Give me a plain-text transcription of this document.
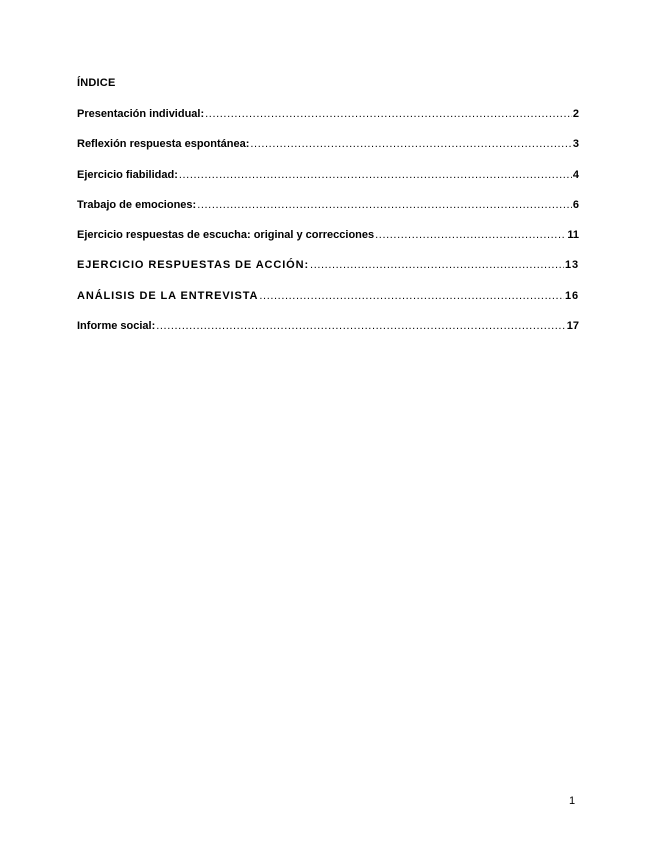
ÍNDICE
Presentación individual: .....	2
Reflexión respuesta espontánea: .....	3
Ejercicio fiabilidad: .....	4
Trabajo de emociones: .....	6
Ejercicio respuestas de escucha: original y correcciones .....	11
EJERCICIO RESPUESTAS DE ACCIÓN: .....	13
ANÁLISIS DE LA ENTREVISTA .....	16
Informe social: .....	17
1
